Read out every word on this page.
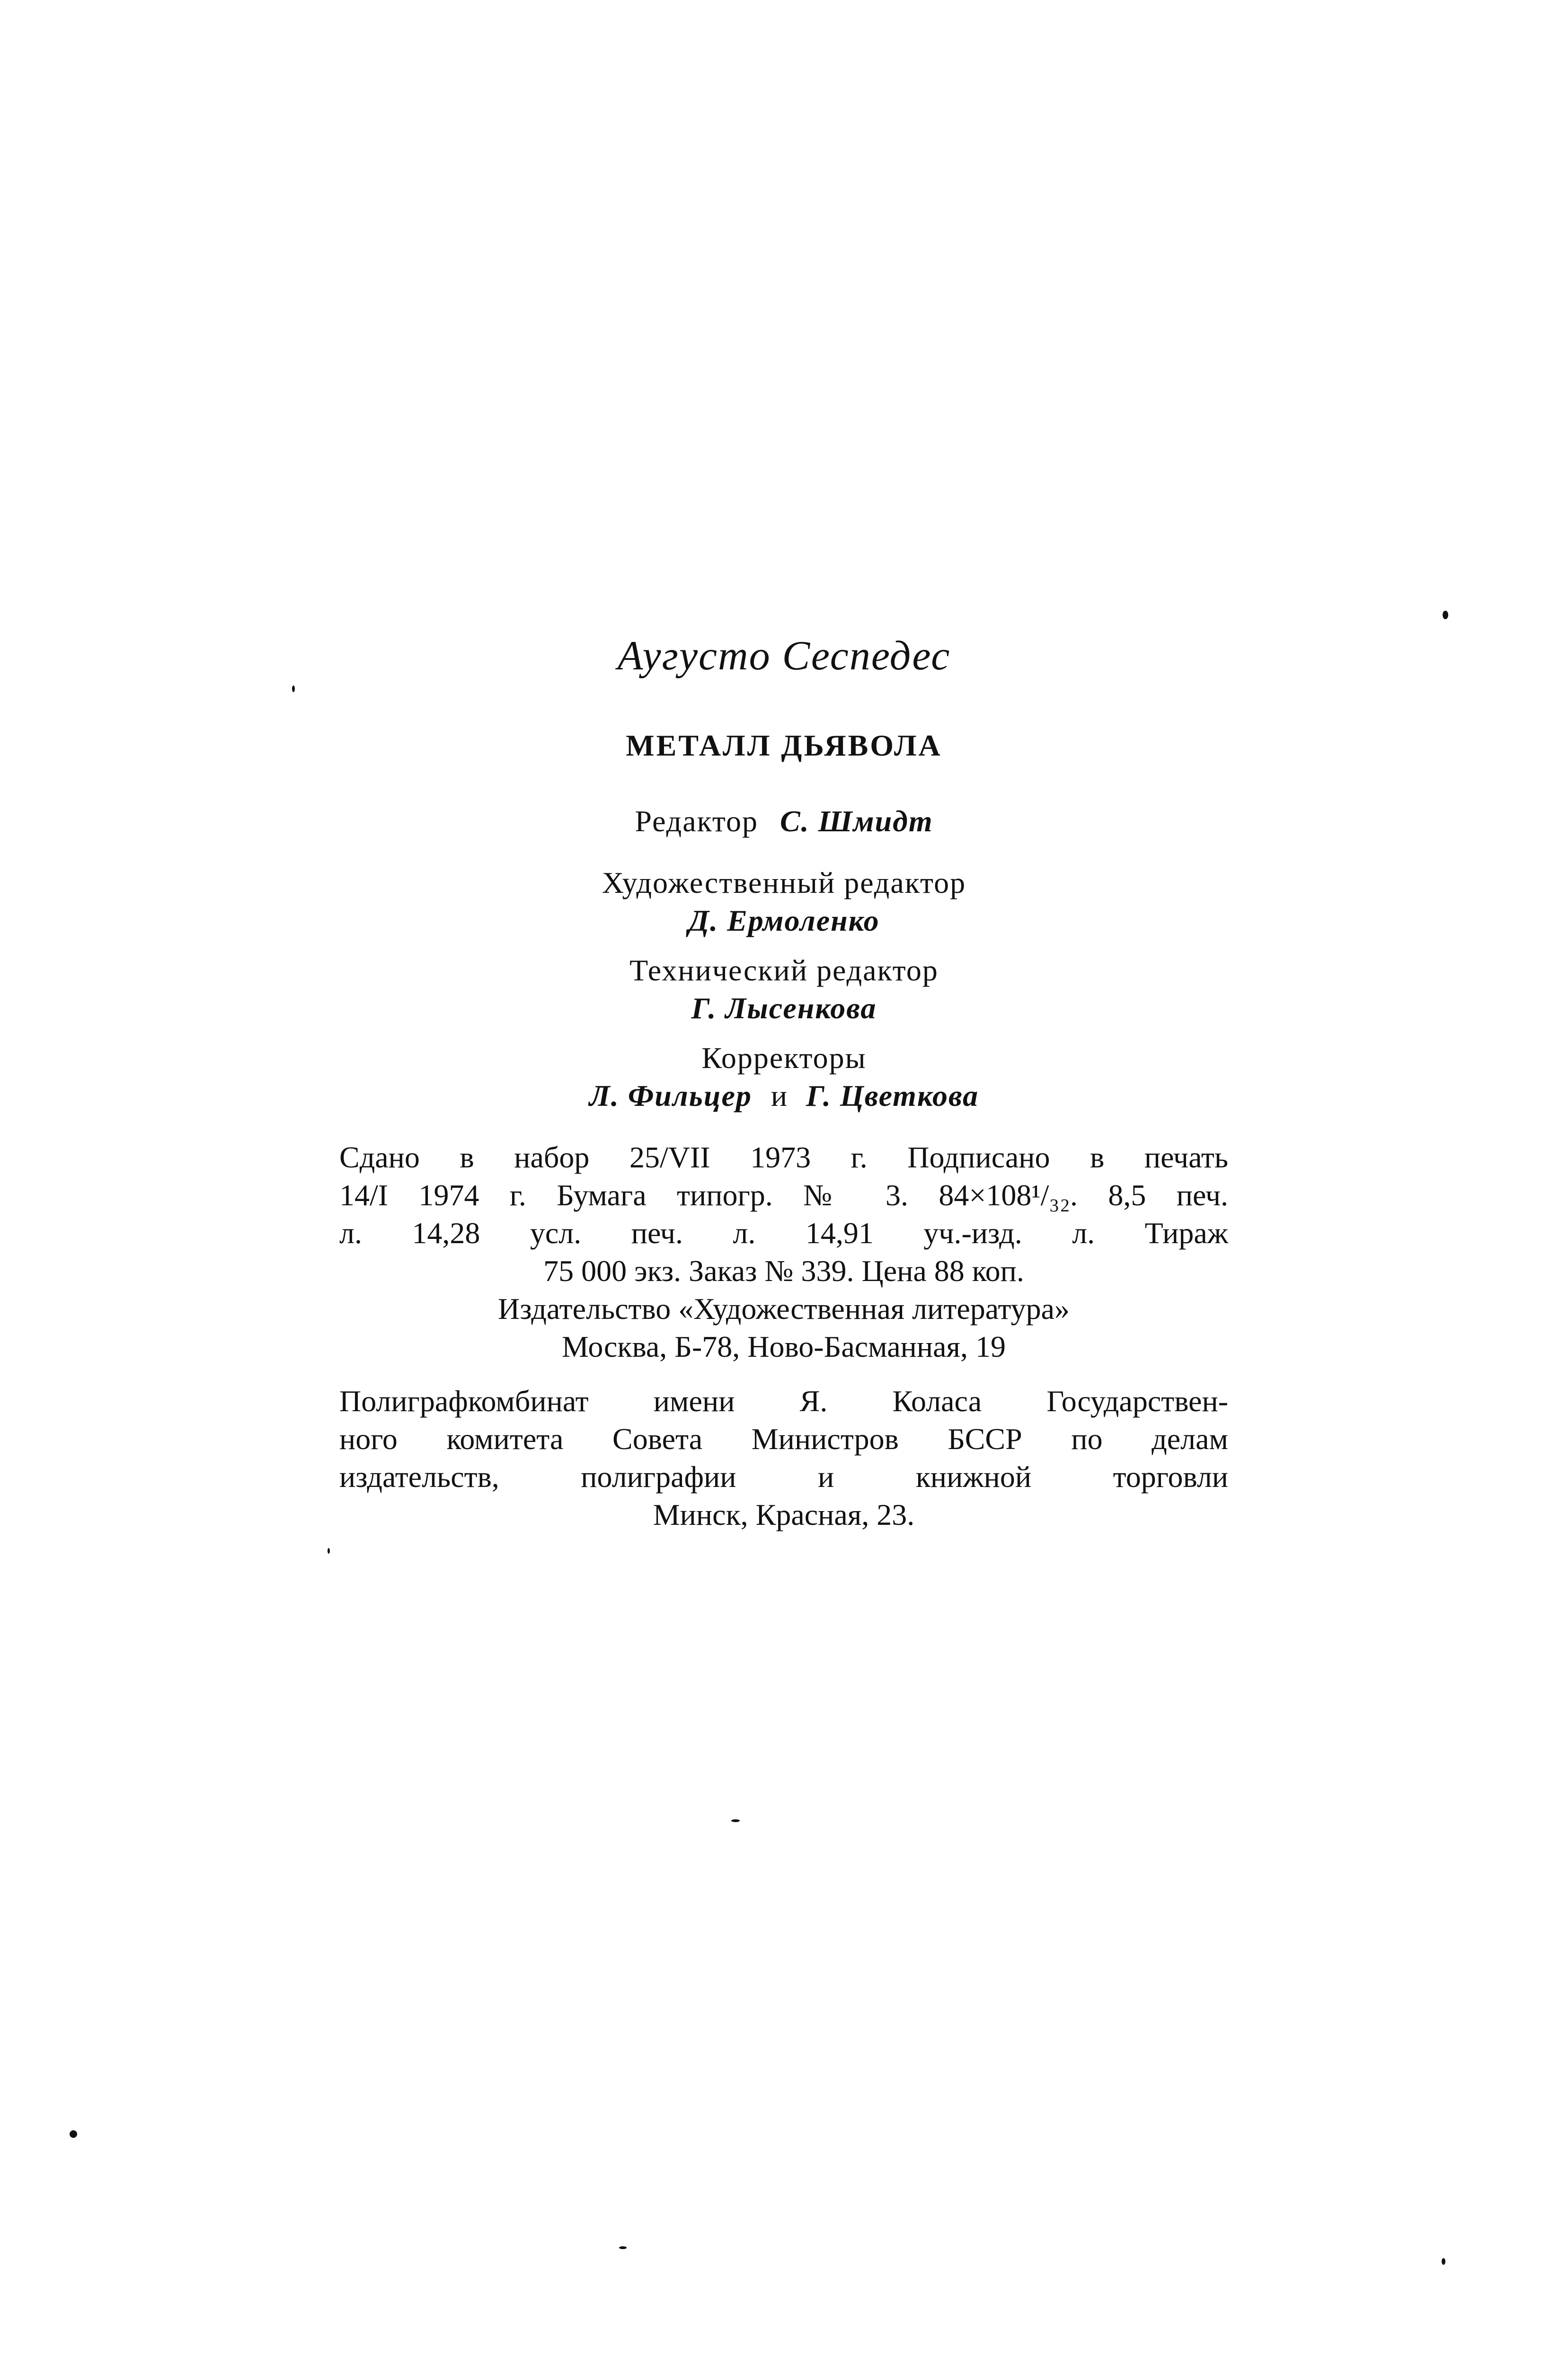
Аугусто Сеспедес
МЕТАЛЛ ДЬЯВОЛА
Редактор С. Шмидт
Художественный редактор
Д. Ермоленко
Технический редактор
Г. Лысенкова
Корректоры
Л. Фильцер и Г. Цветкова
Сдано в набор 25/VII 1973 г. Подписано в печать
14/I 1974 г. Бумага типогр. № 3. 84×108¹/₃₂. 8,5 печ.
л. 14,28 усл. печ. л. 14,91 уч.-изд. л. Тираж
75 000 экз. Заказ № 339. Цена 88 коп.
Издательство «Художественная литература»
Москва, Б-78, Ново-Басманная, 19
Полиграфкомбинат имени Я. Коласа Государствен-
ного комитета Совета Министров БССР по делам
издательств, полиграфии и книжной торговли
Минск, Красная, 23.
